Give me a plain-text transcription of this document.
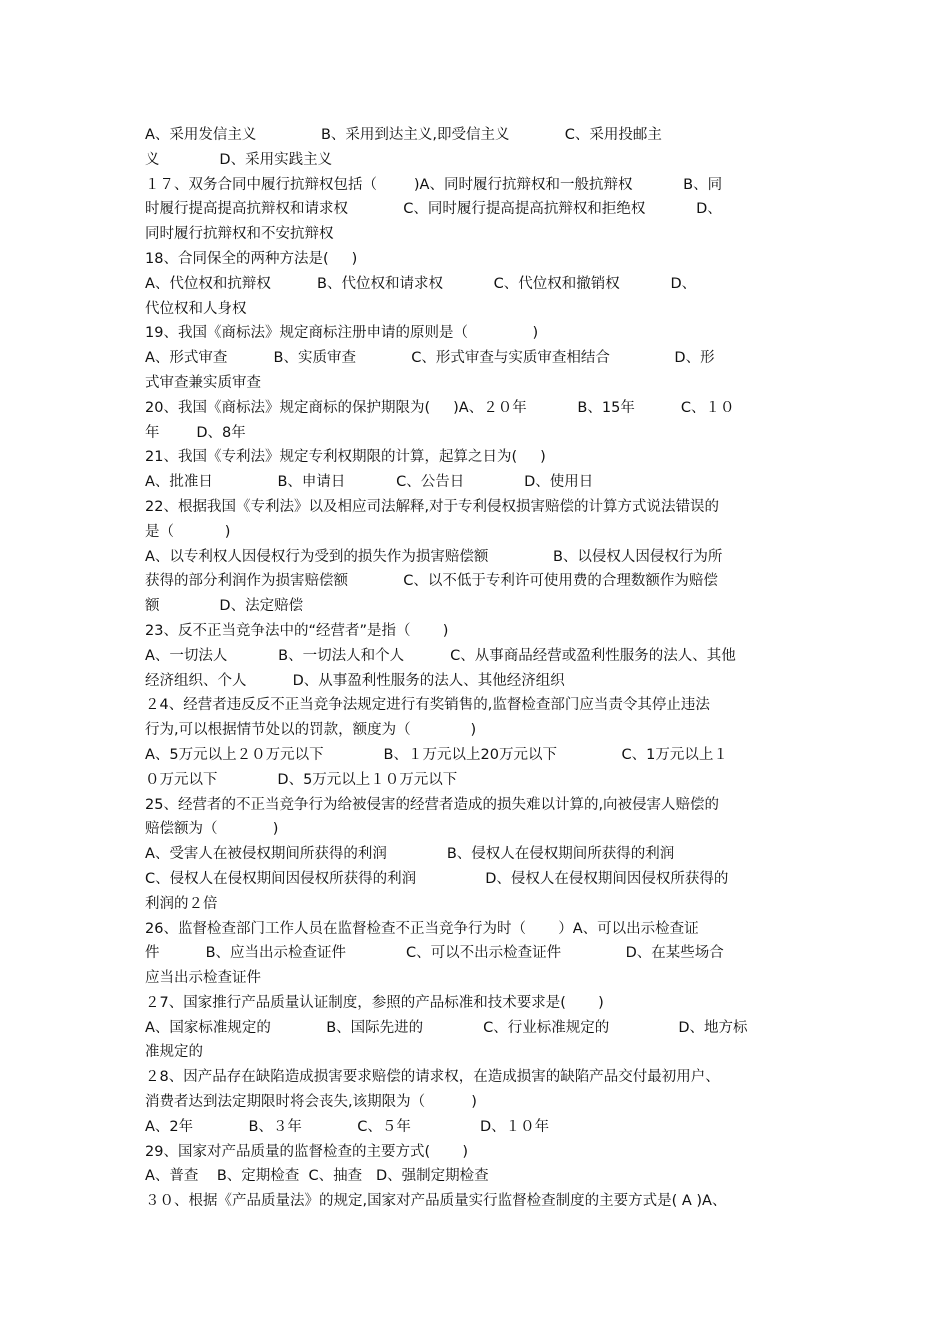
A、采用发信主义              B、采用到达主义,即受信主义            C、采用投邮主
义             D、采用实践主义
１７、双务合同中履行抗辩权包括（        )A、同时履行抗辩权和一般抗辩权           B、同
时履行提高提高抗辩权和请求权            C、同时履行提高提高抗辩权和拒绝权           D、
同时履行抗辩权和不安抗辩权
18、合同保全的两种方法是(     )
A、代位权和抗辩权          B、代位权和请求权           C、代位权和撤销权           D、
代位权和人身权
19、我国《商标法》规定商标注册申请的原则是（              )
A、形式审查          B、实质审查            C、形式审查与实质审查相结合              D、形
式审查兼实质审查
20、我国《商标法》规定商标的保护期限为(     )A、２０年           B、15年          C、１０
年        D、8年
21、我国《专利法》规定专利权期限的计算，起算之日为(     )
A、批准日              B、申请日           C、公告日             D、使用日
22、根据我国《专利法》以及相应司法解释,对于专利侵权损害赔偿的计算方式说法错误的
是（           )
A、以专利权人因侵权行为受到的损失作为损害赔偿额              B、以侵权人因侵权行为所
获得的部分利润作为损害赔偿额            C、以不低于专利许可使用费的合理数额作为赔偿
额             D、法定赔偿
23、反不正当竞争法中的“经营者”是指（       )
A、一切法人           B、一切法人和个人          C、从事商品经营或盈利性服务的法人、其他
经济组织、个人          D、从事盈利性服务的法人、其他经济组织
２4、经营者违反反不正当竞争法规定进行有奖销售的,监督检查部门应当责令其停止违法
行为,可以根据情节处以的罚款，额度为（             )
A、5万元以上２０万元以下             B、１万元以上20万元以下              C、1万元以上１
０万元以下             D、5万元以上１０万元以下
25、经营者的不正当竞争行为给被侵害的经营者造成的损失难以计算的,向被侵害人赔偿的
赔偿额为（            )
A、受害人在被侵权期间所获得的利润             B、侵权人在侵权期间所获得的利润
C、侵权人在侵权期间因侵权所获得的利润               D、侵权人在侵权期间因侵权所获得的
利润的２倍
26、监督检查部门工作人员在监督检查不正当竞争行为时（       ）A、可以出示检查证
件          B、应当出示检查证件             C、可以不出示检查证件              D、在某些场合
应当出示检查证件
２7、国家推行产品质量认证制度，参照的产品标准和技术要求是(       )
A、国家标准规定的            B、国际先进的             C、行业标准规定的               D、地方标
准规定的
２8、因产品存在缺陷造成损害要求赔偿的请求权，在造成损害的缺陷产品交付最初用户、
消费者达到法定期限时将会丧失,该期限为（          )
A、2年            B、３年            C、５年               D、１０年
29、国家对产品质量的监督检查的主要方式(       )
A、普查    B、定期检查  C、抽查   D、强制定期检查
３０、根据《产品质量法》的规定,国家对产品质量实行监督检查制度的主要方式是( A )A、
